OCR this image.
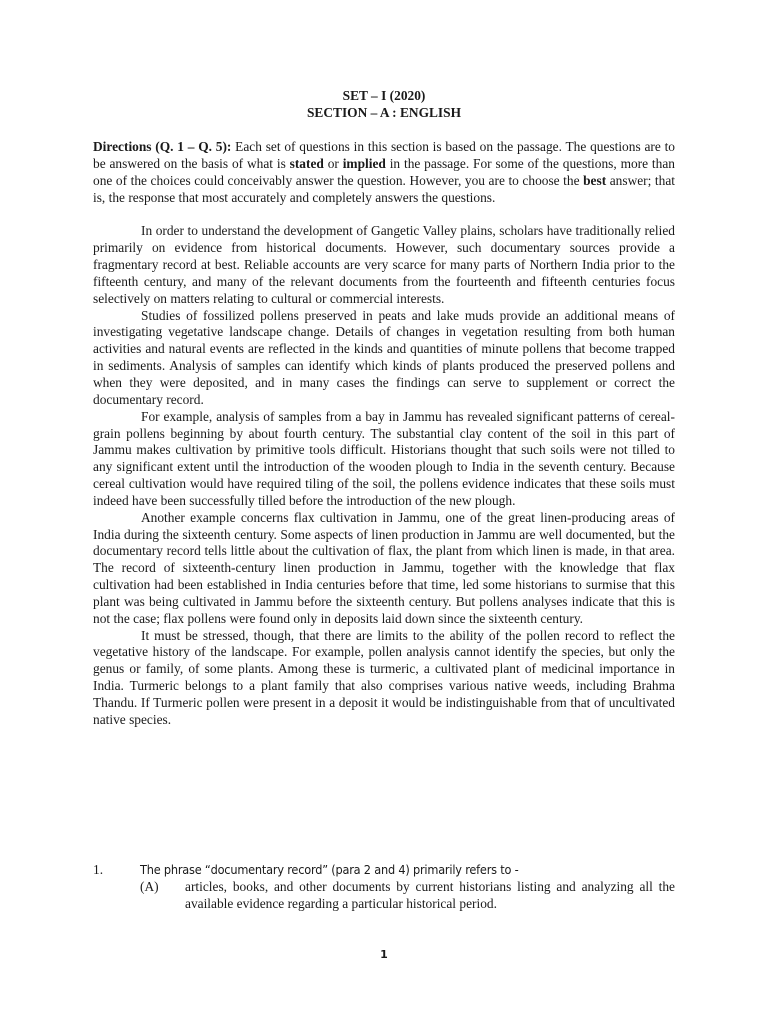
SET – I (2020)
SECTION – A : ENGLISH

Directions (Q. 1 – Q. 5): Each set of questions in this section is based on the passage. The questions are to be answered on the basis of what is stated or implied in the passage. For some of the questions, more than one of the choices could conceivably answer the question. However, you are to choose the best answer; that is, the response that most accurately and completely answers the questions.

In order to understand the development of Gangetic Valley plains, scholars have traditionally relied primarily on evidence from historical documents. However, such documentary sources provide a fragmentary record at best. Reliable accounts are very scarce for many parts of Northern India prior to the fifteenth century, and many of the relevant documents from the fourteenth and fifteenth centuries focus selectively on matters relating to cultural or commercial interests.

Studies of fossilized pollens preserved in peats and lake muds provide an additional means of investigating vegetative landscape change. Details of changes in vegetation resulting from both human activities and natural events are reflected in the kinds and quantities of minute pollens that become trapped in sediments. Analysis of samples can identify which kinds of plants produced the preserved pollens and when they were deposited, and in many cases the findings can serve to supplement or correct the documentary record.

For example, analysis of samples from a bay in Jammu has revealed significant patterns of cereal-grain pollens beginning by about fourth century. The substantial clay content of the soil in this part of Jammu makes cultivation by primitive tools difficult. Historians thought that such soils were not tilled to any significant extent until the introduction of the wooden plough to India in the seventh century. Because cereal cultivation would have required tiling of the soil, the pollens evidence indicates that these soils must indeed have been successfully tilled before the introduction of the new plough.

Another example concerns flax cultivation in Jammu, one of the great linen-producing areas of India during the sixteenth century. Some aspects of linen production in Jammu are well documented, but the documentary record tells little about the cultivation of flax, the plant from which linen is made, in that area. The record of sixteenth-century linen production in Jammu, together with the knowledge that flax cultivation had been established in India centuries before that time, led some historians to surmise that this plant was being cultivated in Jammu before the sixteenth century. But pollens analyses indicate that this is not the case; flax pollens were found only in deposits laid down since the sixteenth century.

It must be stressed, though, that there are limits to the ability of the pollen record to reflect the vegetative history of the landscape. For example, pollen analysis cannot identify the species, but only the genus or family, of some plants. Among these is turmeric, a cultivated plant of medicinal importance in India. Turmeric belongs to a plant family that also comprises various native weeds, including Brahma Thandu. If Turmeric pollen were present in a deposit it would be indistinguishable from that of uncultivated native species.

1.	The phrase “documentary record” (para 2 and 4) primarily refers to -
(A)	articles, books, and other documents by current historians listing and analyzing all the available evidence regarding a particular historical period.
1
